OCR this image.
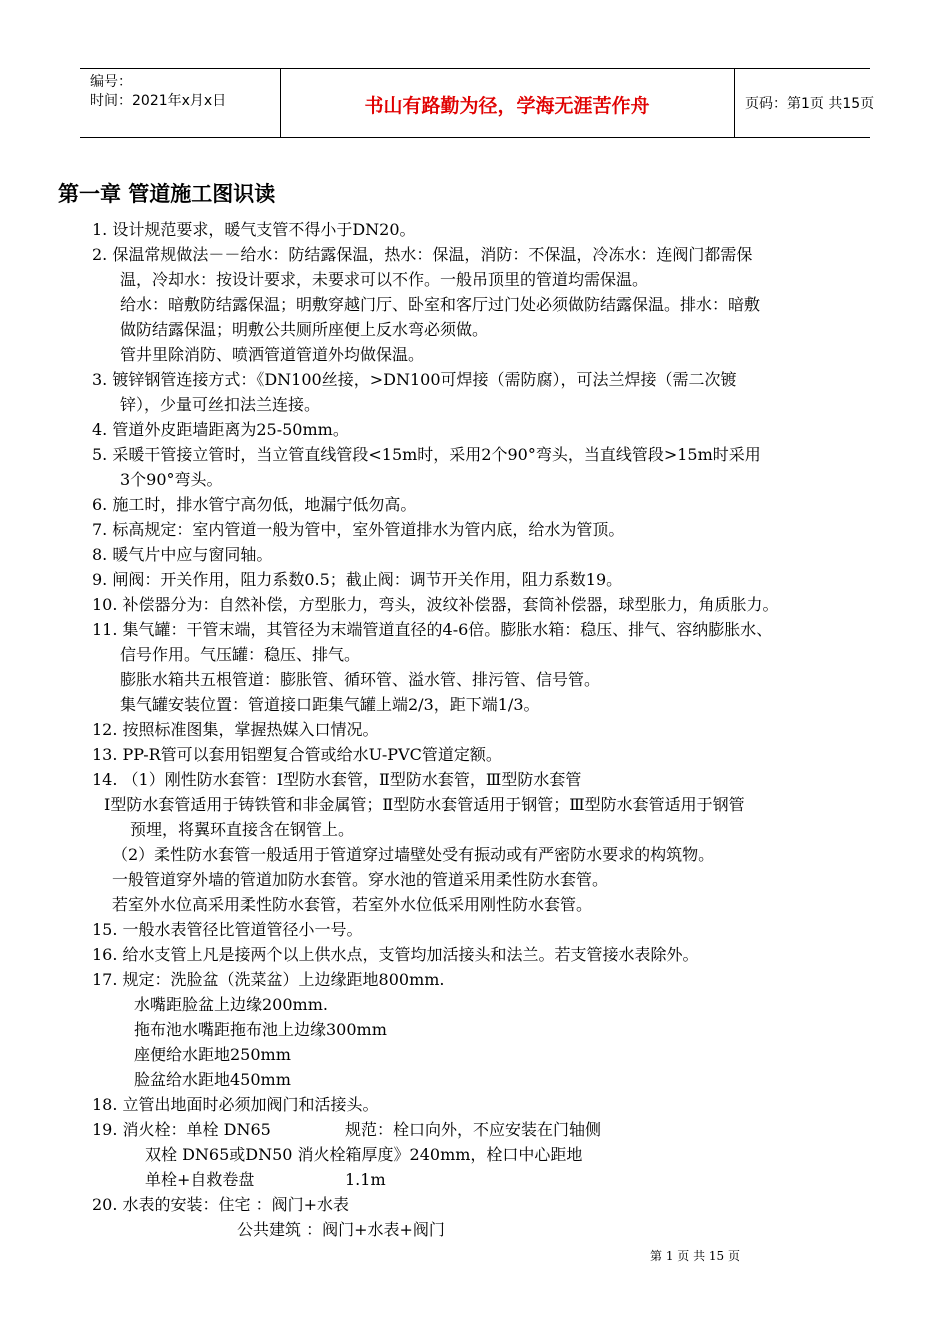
编号：
时间：2021年x月x日	书山有路勤为径，学海无涯苦作舟	页码：第1页 共15页
第一章 管道施工图识读
1. 设计规范要求，暖气支管不得小于DN20。
2. 保温常规做法－－给水：防结露保温，热水：保温，消防：不保温，冷冻水：连阀门都需保
温，冷却水：按设计要求，未要求可以不作。一般吊顶里的管道均需保温。
给水：暗敷防结露保温；明敷穿越门厅、卧室和客厅过门处必须做防结露保温。排水：暗敷
做防结露保温；明敷公共厕所座便上反水弯必须做。
管井里除消防、喷洒管道管道外均做保温。
3. 镀锌钢管连接方式：《DN100丝接，>DN100可焊接（需防腐），可法兰焊接（需二次镀
锌），少量可丝扣法兰连接。
4. 管道外皮距墙距离为25-50mm。
5. 采暖干管接立管时，当立管直线管段<15m时，采用2个90°弯头，当直线管段>15m时采用
3个90°弯头。
6. 施工时，排水管宁高勿低，地漏宁低勿高。
7. 标高规定：室内管道一般为管中，室外管道排水为管内底，给水为管顶。
8. 暖气片中应与窗同轴。
9. 闸阀：开关作用，阻力系数0.5；截止阀：调节开关作用，阻力系数19。
10. 补偿器分为：自然补偿，方型胀力，弯头，波纹补偿器，套筒补偿器，球型胀力，角质胀力。
11. 集气罐：干管末端，其管径为末端管道直径的4-6倍。膨胀水箱：稳压、排气、容纳膨胀水、
信号作用。气压罐：稳压、排气。
膨胀水箱共五根管道：膨胀管、循环管、溢水管、排污管、信号管。
集气罐安装位置：管道接口距集气罐上端2/3，距下端1/3。
12. 按照标准图集，掌握热媒入口情况。
13. PP-R管可以套用铝塑复合管或给水U-PVC管道定额。
14. （1）刚性防水套管：Ⅰ型防水套管，Ⅱ型防水套管，Ⅲ型防水套管
Ⅰ型防水套管适用于铸铁管和非金属管；Ⅱ型防水套管适用于钢管；Ⅲ型防水套管适用于钢管
预埋，将翼环直接含在钢管上。
（2）柔性防水套管一般适用于管道穿过墙壁处受有振动或有严密防水要求的构筑物。
一般管道穿外墙的管道加防水套管。穿水池的管道采用柔性防水套管。
若室外水位高采用柔性防水套管，若室外水位低采用刚性防水套管。
15. 一般水表管径比管道管径小一号。
16. 给水支管上凡是接两个以上供水点，支管均加活接头和法兰。若支管接水表除外。
17. 规定：洗脸盆（洗菜盆）上边缘距地800mm.
水嘴距脸盆上边缘200mm.
拖布池水嘴距拖布池上边缘300mm
座便给水距地250mm
脸盆给水距地450mm
18. 立管出地面时必须加阀门和活接头。
19. 消火栓：单栓 DN65	规范：栓口向外，不应安装在门轴侧
双栓 DN65或DN50 消火栓箱厚度》240mm，栓口中心距地
单栓+自救卷盘	1.1m
20. 水表的安装：住宅 ：阀门+水表
公共建筑 ：阀门+水表+阀门
第 1 页 共 15 页
